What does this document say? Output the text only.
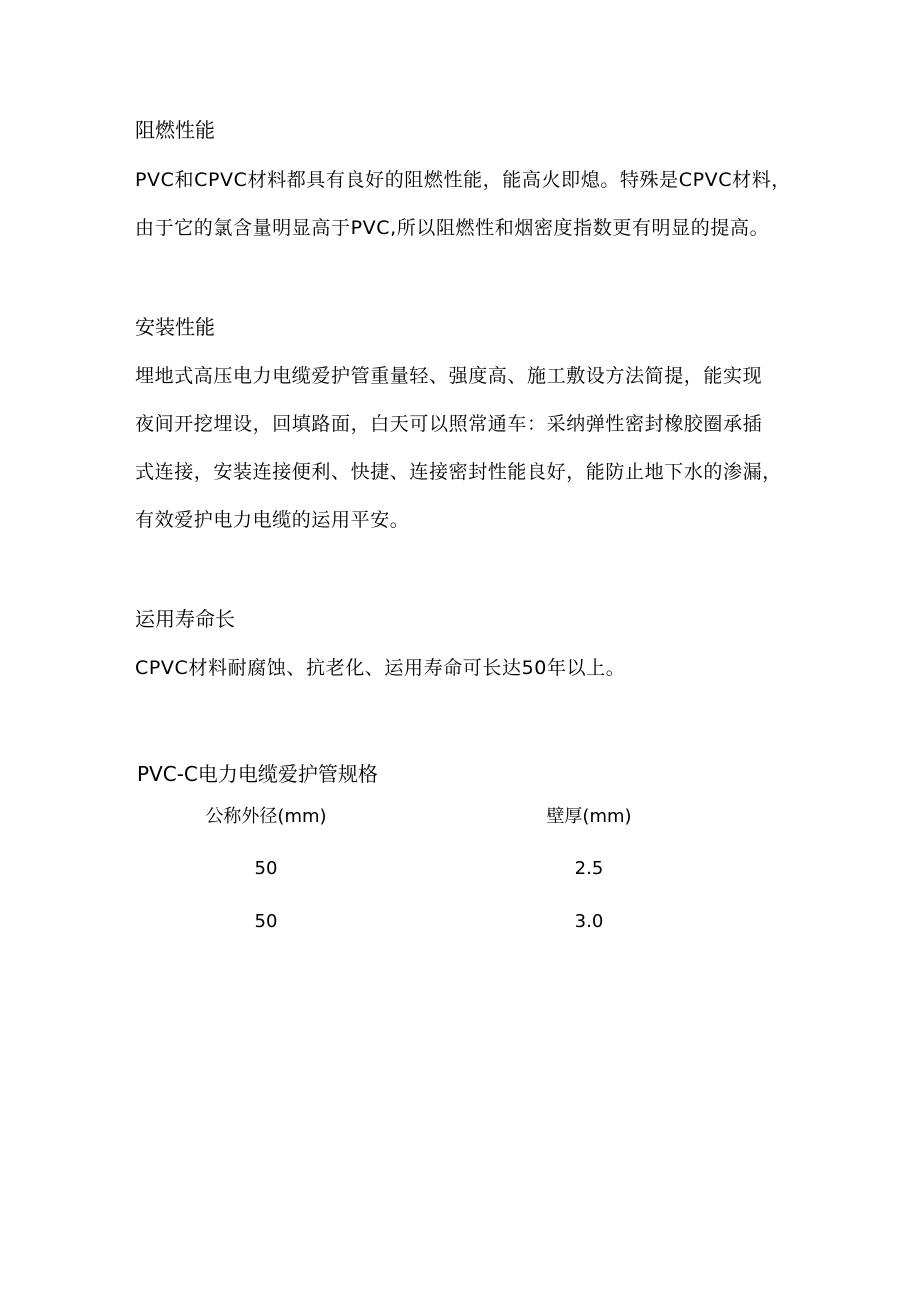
阻燃性能
PVC和CPVC材料都具有良好的阻燃性能，能高火即熄。特殊是CPVC材料，
由于它的氯含量明显高于PVC,所以阻燃性和烟密度指数更有明显的提高。
安装性能
埋地式高压电力电缆爱护管重量轻、强度高、施工敷设方法简提，能实现
夜间开挖埋设，回填路面，白天可以照常通车：采纳弹性密封橡胶圈承插
式连接，安装连接便利、快捷、连接密封性能良好，能防止地下水的渗漏，
有效爱护电力电缆的运用平安。
运用寿命长
CPVC材料耐腐蚀、抗老化、运用寿命可长达50年以上。
PVC-C电力电缆爱护管规格
公称外径(mm)	壁厚(mm)
50	2.5
50	3.0
